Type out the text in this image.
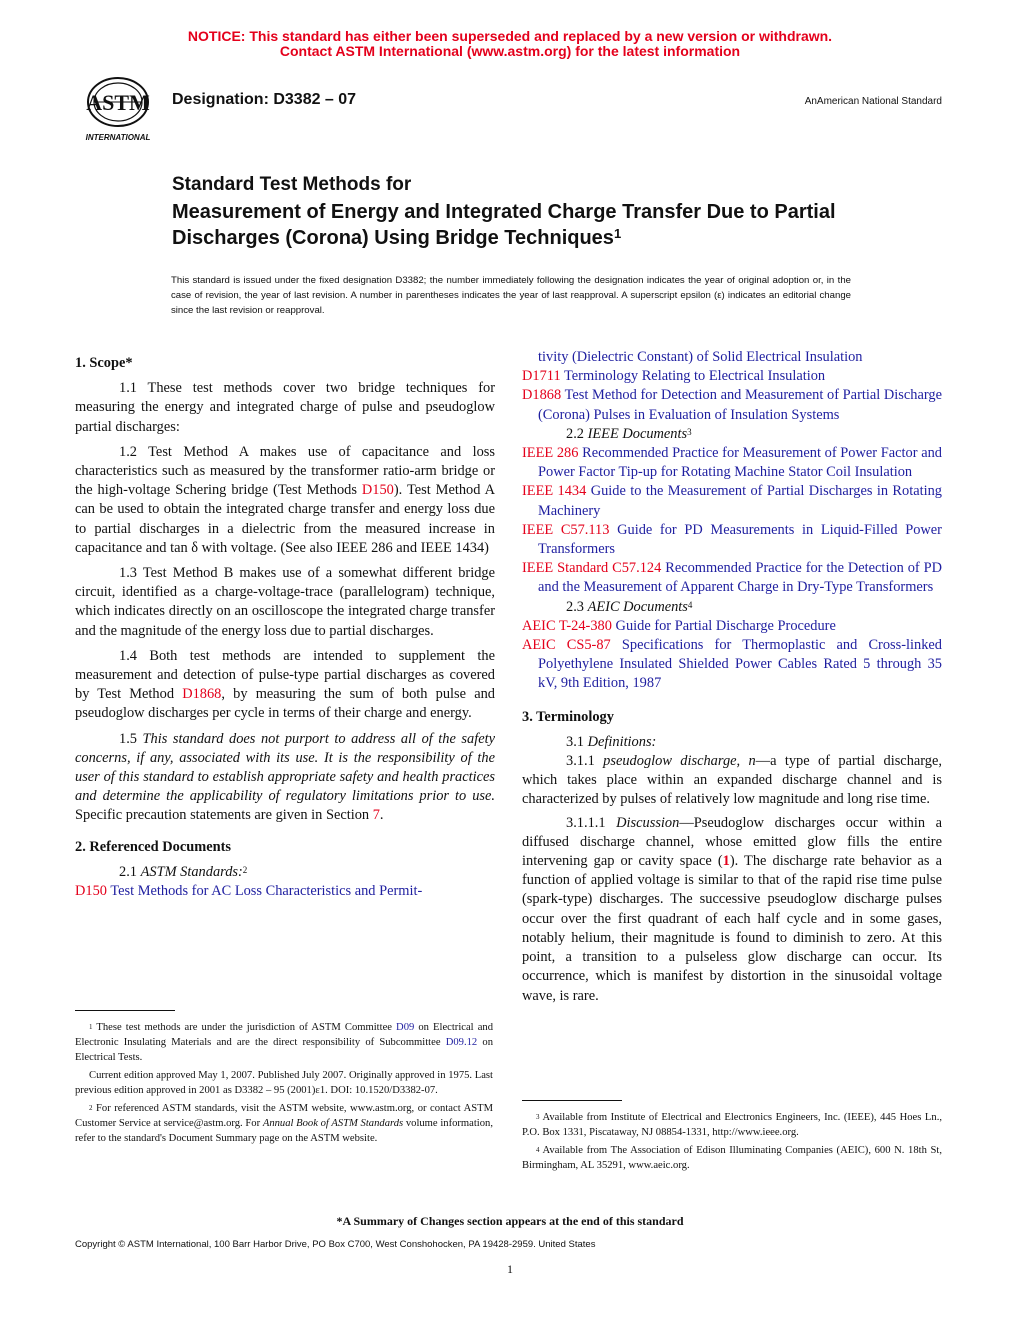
NOTICE: This standard has either been superseded and replaced by a new version or withdrawn.
Contact ASTM International (www.astm.org) for the latest information
ASTM
INTERNATIONAL
Designation: D3382 – 07	AnAmerican National Standard
Standard Test Methods for
Measurement of Energy and Integrated Charge Transfer Due to Partial Discharges (Corona) Using Bridge Techniques$^1$
This standard is issued under the fixed designation D3382; the number immediately following the designation indicates the year of original adoption or, in the case of revision, the year of last revision. A number in parentheses indicates the year of last reapproval. A superscript epsilon (ε) indicates an editorial change since the last revision or reapproval.

1. Scope*

1.1 These test methods cover two bridge techniques for measuring the energy and integrated charge of pulse and pseudoglow partial discharges:

1.2 Test Method A makes use of capacitance and loss characteristics such as measured by the transformer ratio-arm bridge or the high-voltage Schering bridge (Test Methods D150). Test Method A can be used to obtain the integrated charge transfer and energy loss due to partial discharges in a dielectric from the measured increase in capacitance and tan δ with voltage. (See also IEEE 286 and IEEE 1434)

1.3 Test Method B makes use of a somewhat different bridge circuit, identified as a charge-voltage-trace (parallelogram) technique, which indicates directly on an oscilloscope the integrated charge transfer and the magnitude of the energy loss due to partial discharges.

1.4 Both test methods are intended to supplement the measurement and detection of pulse-type partial discharges as covered by Test Method D1868, by measuring the sum of both pulse and pseudoglow discharges per cycle in terms of their charge and energy.

1.5 This standard does not purport to address all of the safety concerns, if any, associated with its use. It is the responsibility of the user of this standard to establish appropriate safety and health practices and determine the applicability of regulatory limitations prior to use. Specific precaution statements are given in Section 7.

2. Referenced Documents

2.1 ASTM Standards:$^2$

D150 Test Methods for AC Loss Characteristics and Permit-

$^1$ These test methods are under the jurisdiction of ASTM Committee D09 on Electrical and Electronic Insulating Materials and are the direct responsibility of Subcommittee D09.12 on Electrical Tests.

Current edition approved May 1, 2007. Published July 2007. Originally approved in 1975. Last previous edition approved in 2001 as D3382 – 95 (2001)ε1. DOI: 10.1520/D3382-07.

$^2$ For referenced ASTM standards, visit the ASTM website, www.astm.org, or contact ASTM Customer Service at service@astm.org. For Annual Book of ASTM Standards volume information, refer to the standard's Document Summary page on the ASTM website.

tivity (Dielectric Constant) of Solid Electrical Insulation

D1711 Terminology Relating to Electrical Insulation

D1868 Test Method for Detection and Measurement of Partial Discharge (Corona) Pulses in Evaluation of Insulation Systems

2.2 IEEE Documents$^3$

IEEE 286 Recommended Practice for Measurement of Power Factor and Power Factor Tip-up for Rotating Machine Stator Coil Insulation

IEEE 1434 Guide to the Measurement of Partial Discharges in Rotating Machinery

IEEE C57.113 Guide for PD Measurements in Liquid-Filled Power Transformers

IEEE Standard C57.124 Recommended Practice for the Detection of PD and the Measurement of Apparent Charge in Dry-Type Transformers

2.3 AEIC Documents$^4$

AEIC T-24-380 Guide for Partial Discharge Procedure

AEIC CS5-87 Specifications for Thermoplastic and Cross-linked Polyethylene Insulated Shielded Power Cables Rated 5 through 35 kV, 9th Edition, 1987

3. Terminology

3.1 Definitions:

3.1.1 pseudoglow discharge, n—a type of partial discharge, which takes place within an expanded discharge channel and is characterized by pulses of relatively low magnitude and long rise time.

3.1.1.1 Discussion—Pseudoglow discharges occur within a diffused discharge channel, whose emitted glow fills the entire intervening gap or cavity space (1). The discharge rate behavior as a function of applied voltage is similar to that of the rapid rise time pulse (spark-type) discharges. The successive pseudoglow discharge pulses occur over the first quadrant of each half cycle and in some gases, notably helium, their magnitude is found to diminish to zero. At this point, a transition to a pulseless glow discharge can occur. Its occurrence, which is manifest by distortion in the sinusoidal voltage wave, is rare.

$^3$ Available from Institute of Electrical and Electronics Engineers, Inc. (IEEE), 445 Hoes Ln., P.O. Box 1331, Piscataway, NJ 08854-1331, http://www.ieee.org.

$^4$ Available from The Association of Edison Illuminating Companies (AEIC), 600 N. 18th St, Birmingham, AL 35291, www.aeic.org.

*A Summary of Changes section appears at the end of this standard
Copyright © ASTM International, 100 Barr Harbor Drive, PO Box C700, West Conshohocken, PA 19428-2959. United States
1
